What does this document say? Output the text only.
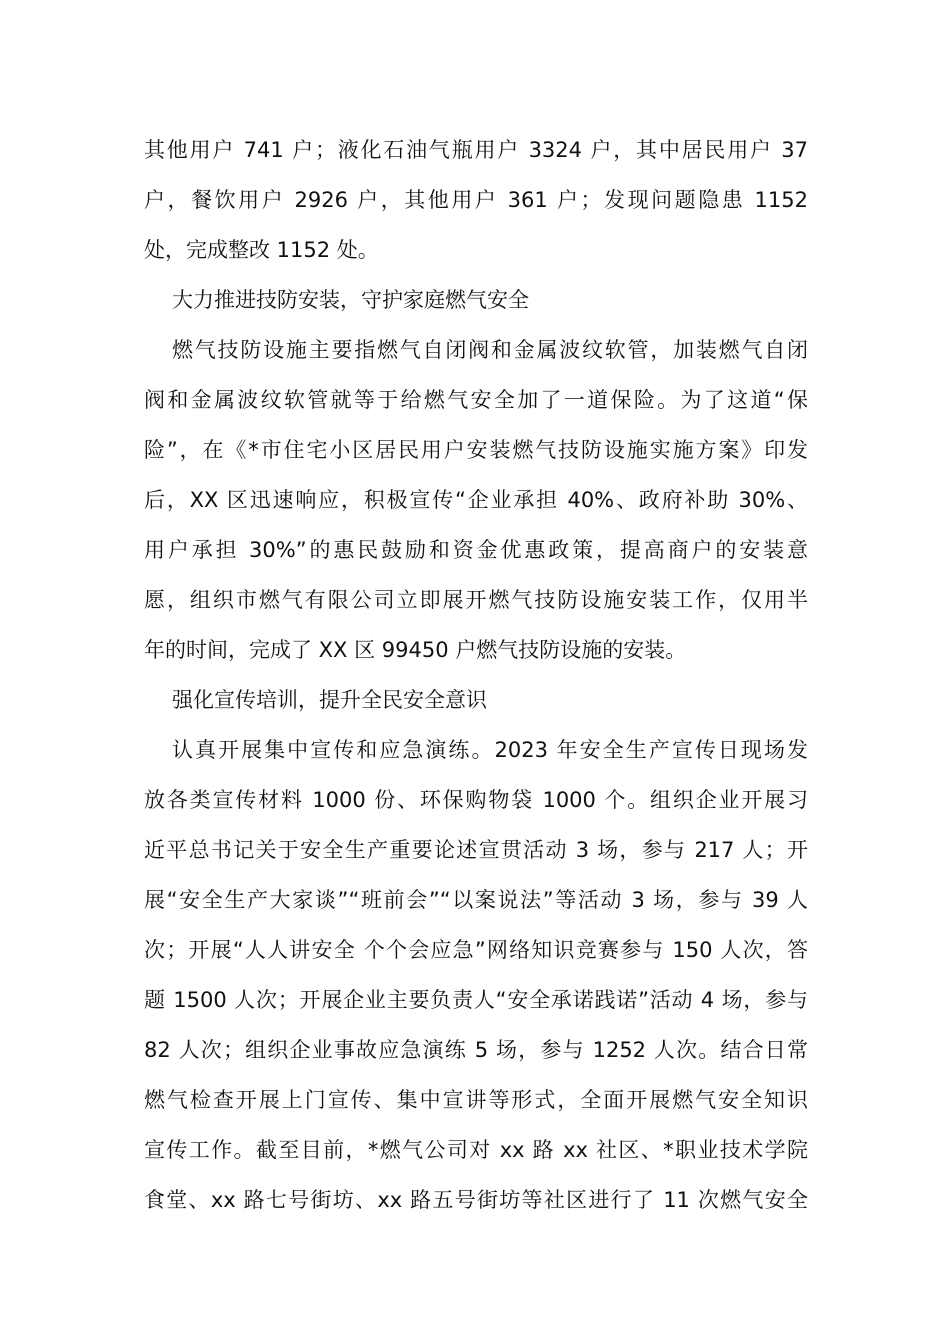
其他用户 741 户；液化石油气瓶用户 3324 户，其中居民用户 37
户，餐饮用户 2926 户，其他用户 361 户；发现问题隐患 1152
处，完成整改 1152 处。
大力推进技防安装，守护家庭燃气安全
燃气技防设施主要指燃气自闭阀和金属波纹软管，加装燃气自闭
阀和金属波纹软管就等于给燃气安全加了一道保险。为了这道“保
险”，在《*市住宅小区居民用户安装燃气技防设施实施方案》印发
后，XX 区迅速响应，积极宣传“企业承担 40%、政府补助 30%、
用户承担 30%”的惠民鼓励和资金优惠政策，提高商户的安装意
愿，组织市燃气有限公司立即展开燃气技防设施安装工作，仅用半
年的时间，完成了 XX 区 99450 户燃气技防设施的安装。
强化宣传培训，提升全民安全意识
认真开展集中宣传和应急演练。2023 年安全生产宣传日现场发
放各类宣传材料 1000 份、环保购物袋 1000 个。组织企业开展习
近平总书记关于安全生产重要论述宣贯活动 3 场，参与 217 人；开
展“安全生产大家谈”“班前会”“以案说法”等活动 3 场，参与 39 人
次；开展“人人讲安全 个个会应急”网络知识竞赛参与 150 人次，答
题 1500 人次；开展企业主要负责人“安全承诺践诺”活动 4 场，参与
82 人次；组织企业事故应急演练 5 场，参与 1252 人次。结合日常
燃气检查开展上门宣传、集中宣讲等形式，全面开展燃气安全知识
宣传工作。截至目前，*燃气公司对 xx 路 xx 社区、*职业技术学院
食堂、xx 路七号街坊、xx 路五号街坊等社区进行了 11 次燃气安全
